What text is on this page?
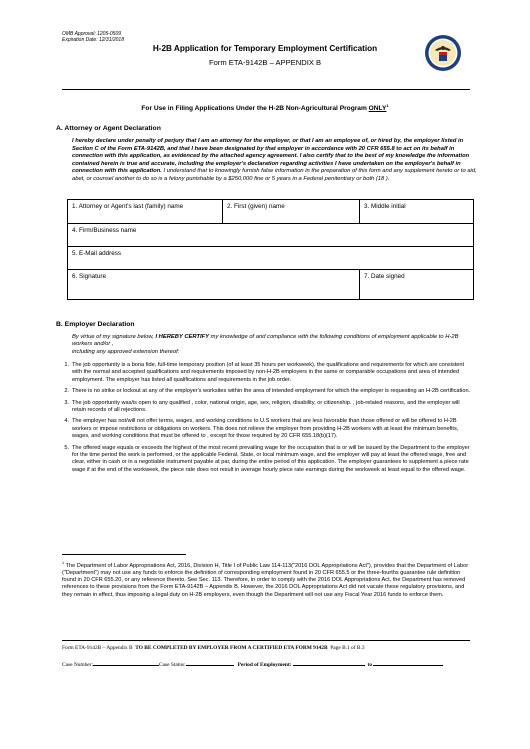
OMB Approval: 1205-0509
Expiration Date: 12/31/2018
H-2B Application for Temporary Employment Certification
Form ETA-9142B – APPENDIX B
For Use in Filing Applications Under the H-2B Non-Agricultural Program ONLY$^1$
A. Attorney or Agent Declaration
I hereby declare under penalty of perjury that I am an attorney for the employer, or that I am an employee of, or hired by, the employer listed in Section C of the Form ETA-9142B, and that I have been designated by that employer in accordance with 20 CFR 655.8 to act on its behalf in connection with this application, as evidenced by the attached agency agreement. I also certify that to the best of my knowledge the information contained herein is true and accurate, including the employer's declaration regarding activities I have undertaken on the employer's behalf in connection with this application. I understand that to knowingly furnish false information in the preparation of this form and any supplement hereto or to aid, abet, or counsel another to do so is a felony punishable by a $250,000 fine or 5 years in a Federal penitentiary or both (18 ).
1. Attorney or Agent's last (family) name	2. First (given) name	3. Middle initial
4. Firm/Business name		
5. E-Mail address		
6. Signature		7. Date signed
B. Employer Declaration
By virtue of my signature below, I HEREBY CERTIFY my knowledge of and compliance with the following conditions of employment applicable to H-2B workers and/or ,
including any approved extension thereof:
1. The job opportunity is a bona fide, full-time temporary position (of at least 35 hours per workweek), the qualifications and requirements for which are consistent with the normal and accepted qualifications and requirements imposed by non-H-2B employers in the same or comparable occupations and area of intended employment. The employer has listed all qualifications and requirements in the job order.
2. There is no strike or lockout at any of the employer's worksites within the area of intended employment for which the employer is requesting an H-2B certification.
3. The job opportunity was/is open to any qualified , color, national origin, age, sex, religion, disability, or citizenship. , job-related reasons, and the employer will retain records of all rejections.
4. The employer has not/will not offer terms, wages, and working conditions to U.S workers that are less favorable than those offered or will be offered to H-2B workers or impose restrictions or obligations on workers. This does not relieve the employer from providing H-2B workers with at least the minimum benefits, wages, and working conditions that must be offered to , except for those required by 20 CFR 655.18(b)(17).
5. The offered wage equals or exceeds the highest of the most recent prevailing wage for the occupation that is or will be issued by the Department to the employer for the time period the work is performed, or the applicable Federal, State, or local minimum wage, and the employer will pay at least the offered wage, free and clear, either in cash or in a negotiable instrument payable at par, during the entire period of this application. The employer guarantees to supplement a piece rate wage if at the end of the workweek, the piece rate does not result in average hourly piece rate earnings during the workweek at least equal to the offered wage.
$^1$ The Department of Labor Appropriations Act, 2016, Division H, Title I of Public Law 114-113("2016 DOL Appropriations Act"), provides that the Department of Labor ("Department") may not use any funds to enforce the definition of corresponding employment found in 20 CFR 655.5 or the three-fourths guarantee rule definition found in 20 CFR 655.20, or any reference thereto. See Sec. 113. Therefore, in order to comply with the 2016 DOL Appropriations Act, the Department has removed references to these provisions from the Form ETA-9142B – Appendix B. However, the 2016 DOL Appropriations Act did not vacate these regulatory provisions, and they remain in effect, thus imposing a legal duty on H-2B employers, even though the Department will not use any Fiscal Year 2016 funds to enforce them.
Form ETA-9142B – Appendix B TO BE COMPLETED BY EMPLOYER FROM A CERTIFIED ETA FORM 9142B Page B.1 of B.3
Case Number:	Case Status:	Period of Employment:	to
